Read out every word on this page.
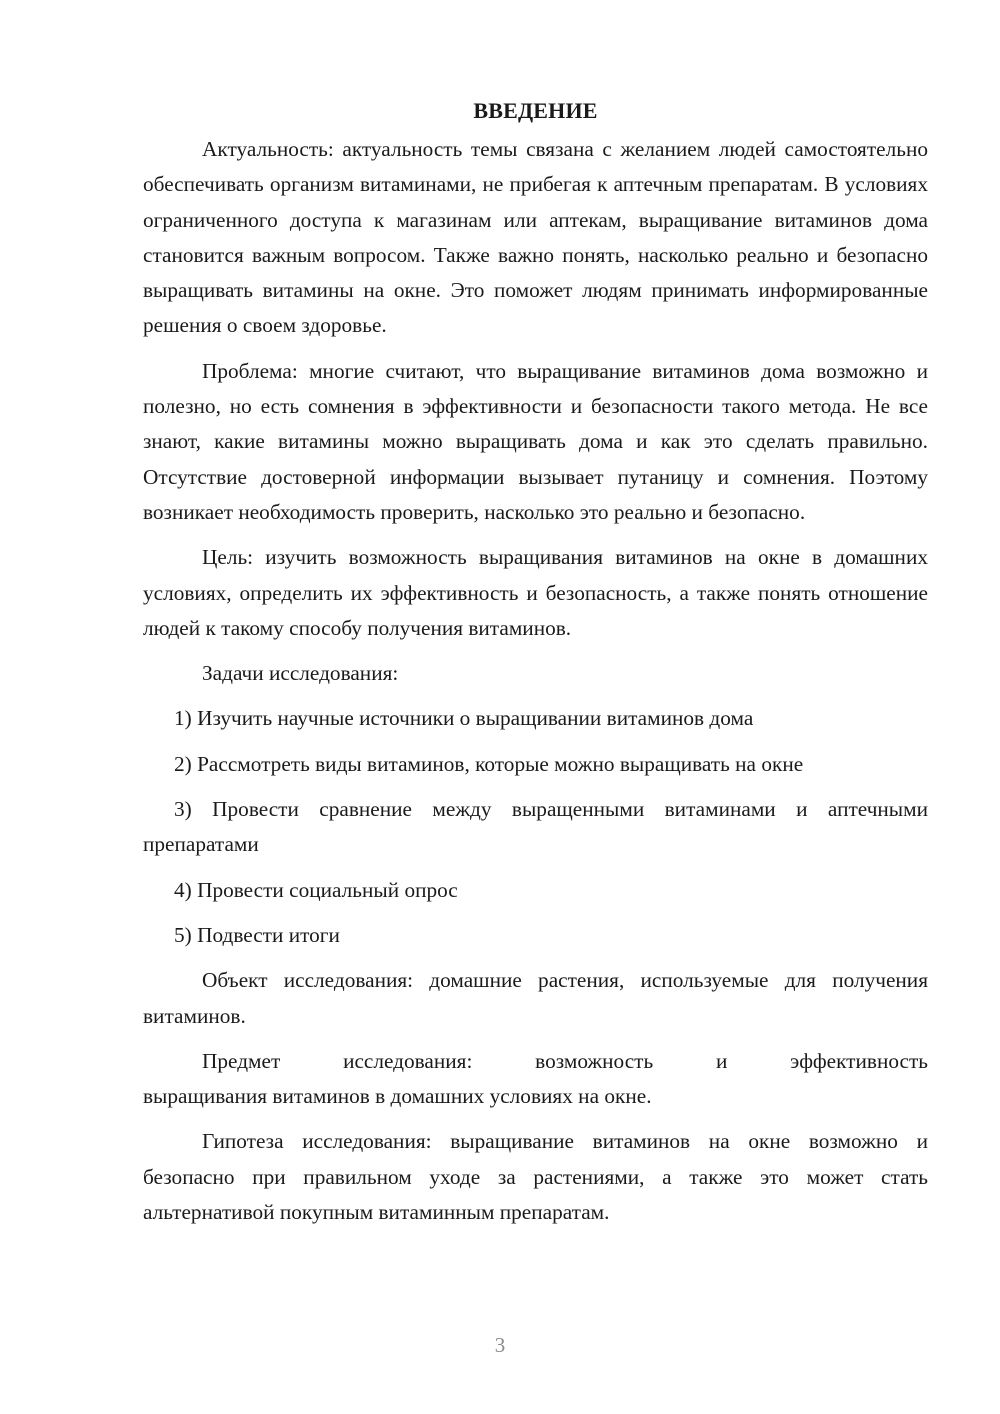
ВВЕДЕНИЕ

Актуальность: актуальность темы связана с желанием людей самостоятельно обеспечивать организм витаминами, не прибегая к аптечным препаратам. В условиях ограниченного доступа к магазинам или аптекам, выращивание витаминов дома становится важным вопросом. Также важно понять, насколько реально и безопасно выращивать витамины на окне. Это поможет людям принимать информированные решения о своем здоровье.

Проблема: многие считают, что выращивание витаминов дома возможно и полезно, но есть сомнения в эффективности и безопасности такого метода. Не все знают, какие витамины можно выращивать дома и как это сделать правильно. Отсутствие достоверной информации вызывает путаницу и сомнения. Поэтому возникает необходимость проверить, насколько это реально и безопасно.

Цель: изучить возможность выращивания витаминов на окне в домашних условиях, определить их эффективность и безопасность, а также понять отношение людей к такому способу получения витаминов.

Задачи исследования:

1) Изучить научные источники о выращивании витаминов дома

2) Рассмотреть виды витаминов, которые можно выращивать на окне

3) Провести сравнение между выращенными витаминами и аптечными препаратами

4) Провести социальный опрос

5) Подвести итоги

Объект исследования: домашние растения, используемые для получения витаминов.

Предмет	исследования:	возможность	и	эффективность
выращивания витаминов в домашних условиях на окне.

Гипотеза исследования: выращивание витаминов на окне возможно и безопасно при правильном уходе за растениями, а также это может стать альтернативой покупным витаминным препаратам.

3
